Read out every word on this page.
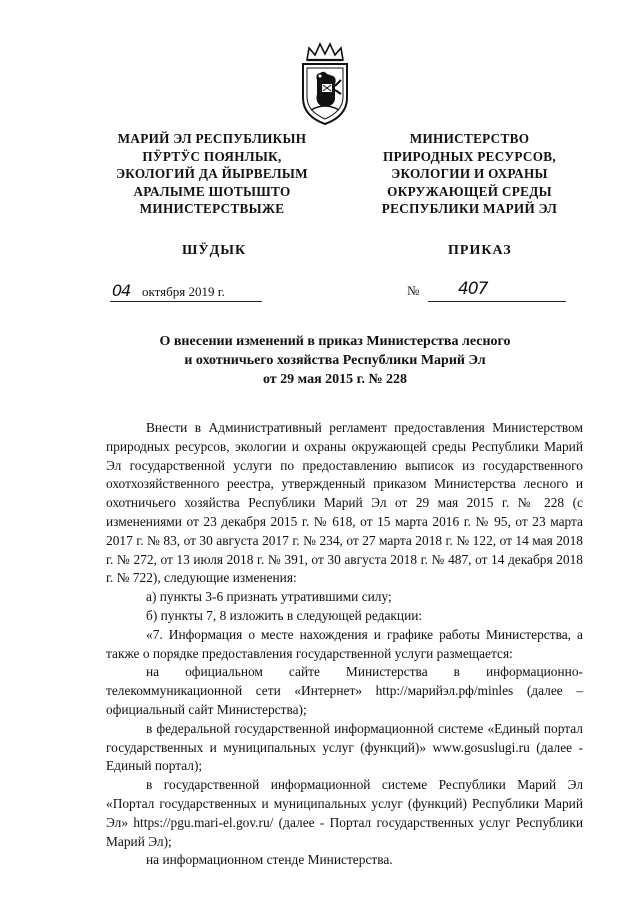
МАРИЙ ЭЛ РЕСПУБЛИКЫН
ПӰРТӰС ПОЯНЛЫК,
ЭКОЛОГИЙ ДА ЙЫРВЕЛЫМ
АРАЛЫМЕ ШОТЫШТО
МИНИСТЕРСТВЫЖЕ
МИНИСТЕРСТВО
ПРИРОДНЫХ РЕСУРСОВ,
ЭКОЛОГИИ И ОХРАНЫ
ОКРУЖАЮЩЕЙ СРЕДЫ
РЕСПУБЛИКИ МАРИЙ ЭЛ
ШӰДЫК	ПРИКАЗ
04 октября 2019 г.	№ 407
О внесении изменений в приказ Министерства лесного
и охотничьего хозяйства Республики Марий Эл
от 29 мая 2015 г. № 228
Внести в Административный регламент предоставления Министерством природных ресурсов, экологии и охраны окружающей среды Республики Марий Эл государственной услуги по предоставлению выписок из государственного охотхозяйственного реестра, утвержденный приказом Министерства лесного и охотничьего хозяйства Республики Марий Эл от 29 мая 2015 г. № 228 (с изменениями от 23 декабря 2015 г. № 618, от 15 марта 2016 г. № 95, от 23 марта 2017 г. № 83, от 30 августа 2017 г. № 234, от 27 марта 2018 г. № 122, от 14 мая 2018 г. № 272, от 13 июля 2018 г. № 391, от 30 августа 2018 г. № 487, от 14 декабря 2018 г. № 722), следующие изменения:
а) пункты 3-6 признать утратившими силу;
б) пункты 7, 8 изложить в следующей редакции:
«7. Информация о месте нахождения и графике работы Министерства, а также о порядке предоставления государственной услуги размещается:
на официальном сайте Министерства в информационно-телекоммуникационной сети «Интернет» http://марийэл.рф/minles (далее – официальный сайт Министерства);
в федеральной государственной информационной системе «Единый портал государственных и муниципальных услуг (функций)» www.gosuslugi.ru (далее - Единый портал);
в государственной информационной системе Республики Марий Эл «Портал государственных и муниципальных услуг (функций) Республики Марий Эл» https://pgu.mari-el.gov.ru/ (далее - Портал государственных услуг Республики Марий Эл);
на информационном стенде Министерства.
